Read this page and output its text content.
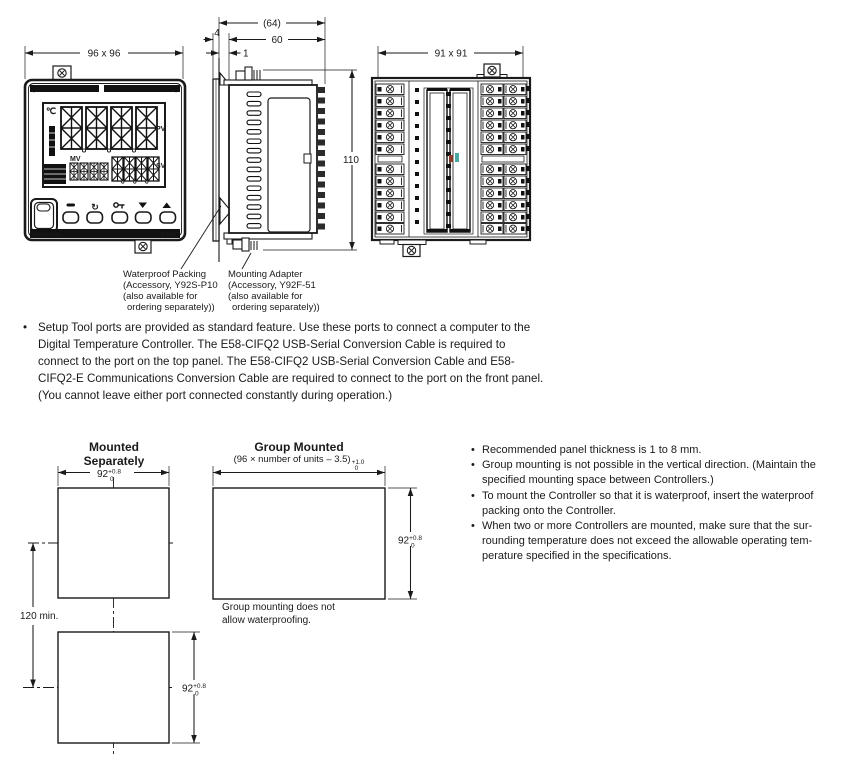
96 x 96
℃
PV
MV
SV
↻
OMRON	E5AC
(64)
60
4
1
110
91 x 91
$92^{+0.8}$ 0
120 min.
$92^{+0.8}$ 0
$92^{+0.8}$ 0
Waterproof Packing
(Accessory, Y92S-P10
(also available for
ordering separately))
Mounting Adapter
(Accessory, Y92F-51
(also available for
ordering separately))
• Setup Tool ports are provided as standard feature. Use these ports to connect a computer to the
Digital Temperature Controller. The E58-CIFQ2 USB-Serial Conversion Cable is required to
connect to the port on the top panel. The E58-CIFQ2 USB-Serial Conversion Cable and E58-
CIFQ2-E Communications Conversion Cable are required to connect to the port on the front panel.
(You cannot leave either port connected constantly during operation.)
Mounted Separately
Group Mounted
(96 × number of units – 3.5) +1.0
0
Group mounting does not
allow waterproofing.
• Recommended panel thickness is 1 to 8 mm.
• Group mounting is not possible in the vertical direction. (Maintain the
specified mounting space between Controllers.)
• To mount the Controller so that it is waterproof, insert the waterproof
packing onto the Controller.
• When two or more Controllers are mounted, make sure that the sur-
rounding temperature does not exceed the allowable operating tem-
perature specified in the specifications.
